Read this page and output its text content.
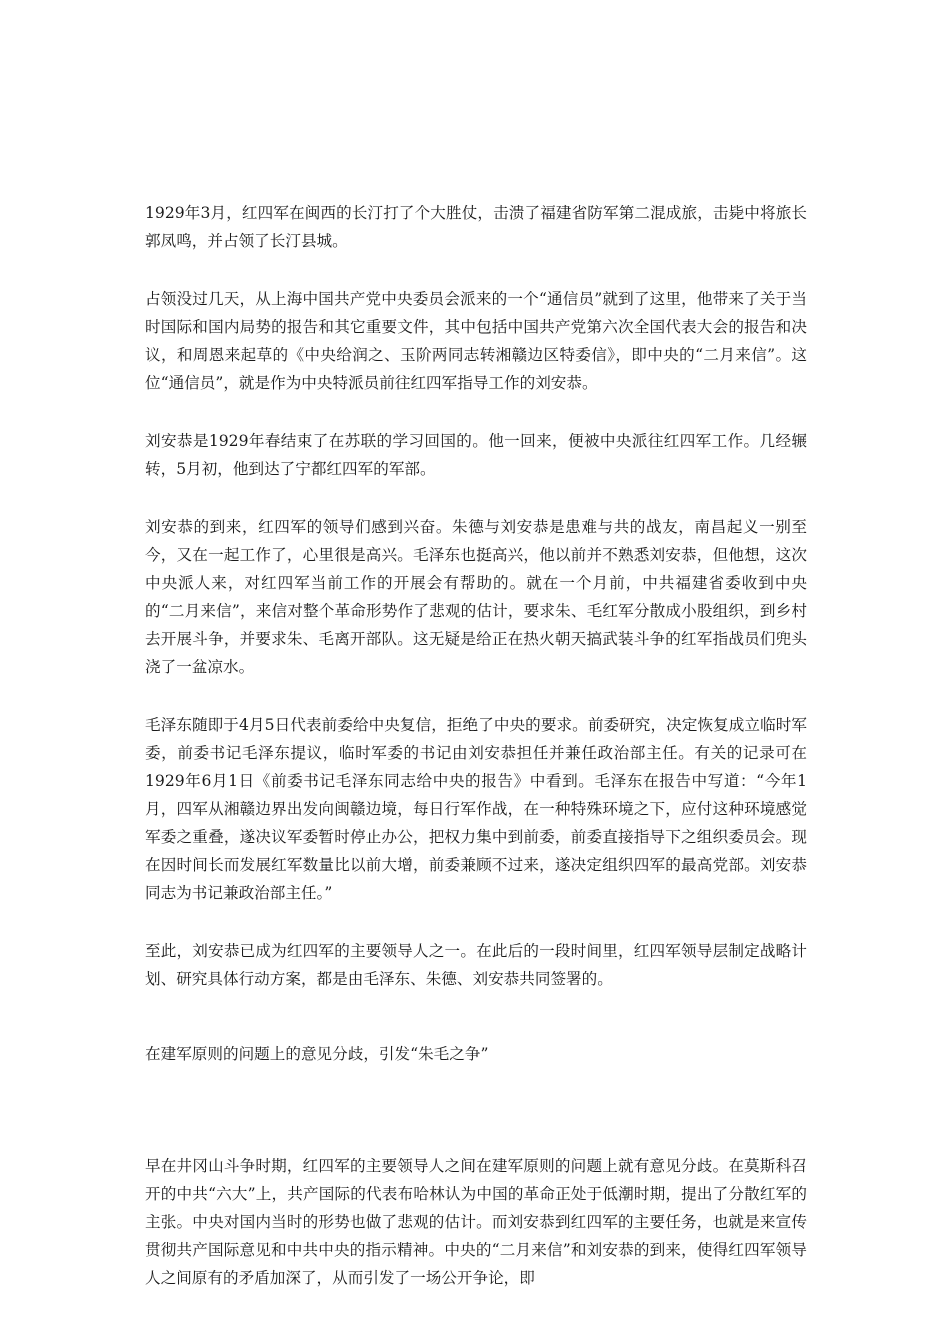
1929年3月，红四军在闽西的长汀打了个大胜仗，击溃了福建省防军第二混成旅，击毙中将旅长郭凤鸣，并占领了长汀县城。

占领没过几天，从上海中国共产党中央委员会派来的一个“通信员”就到了这里，他带来了关于当时国际和国内局势的报告和其它重要文件，其中包括中国共产党第六次全国代表大会的报告和决议，和周恩来起草的《中央给润之、玉阶两同志转湘赣边区特委信》，即中央的“二月来信”。这位“通信员”，就是作为中央特派员前往红四军指导工作的刘安恭。

刘安恭是1929年春结束了在苏联的学习回国的。他一回来，便被中央派往红四军工作。几经辗转，5月初，他到达了宁都红四军的军部。

刘安恭的到来，红四军的领导们感到兴奋。朱德与刘安恭是患难与共的战友，南昌起义一别至今，又在一起工作了，心里很是高兴。毛泽东也挺高兴，他以前并不熟悉刘安恭，但他想，这次中央派人来，对红四军当前工作的开展会有帮助的。就在一个月前，中共福建省委收到中央的“二月来信”，来信对整个革命形势作了悲观的估计，要求朱、毛红军分散成小股组织，到乡村去开展斗争，并要求朱、毛离开部队。这无疑是给正在热火朝天搞武装斗争的红军指战员们兜头浇了一盆凉水。

毛泽东随即于4月5日代表前委给中央复信，拒绝了中央的要求。前委研究，决定恢复成立临时军委，前委书记毛泽东提议，临时军委的书记由刘安恭担任并兼任政治部主任。有关的记录可在1929年6月1日《前委书记毛泽东同志给中央的报告》中看到。毛泽东在报告中写道：“今年1月，四军从湘赣边界出发向闽赣边境，每日行军作战，在一种特殊环境之下，应付这种环境感觉军委之重叠，遂决议军委暂时停止办公，把权力集中到前委，前委直接指导下之组织委员会。现在因时间长而发展红军数量比以前大增，前委兼顾不过来，遂决定组织四军的最高党部。刘安恭同志为书记兼政治部主任。”

至此，刘安恭已成为红四军的主要领导人之一。在此后的一段时间里，红四军领导层制定战略计划、研究具体行动方案，都是由毛泽东、朱德、刘安恭共同签署的。

在建军原则的问题上的意见分歧，引发“朱毛之争”

早在井冈山斗争时期，红四军的主要领导人之间在建军原则的问题上就有意见分歧。在莫斯科召开的中共“六大”上，共产国际的代表布哈林认为中国的革命正处于低潮时期，提出了分散红军的主张。中央对国内当时的形势也做了悲观的估计。而刘安恭到红四军的主要任务，也就是来宣传贯彻共产国际意见和中共中央的指示精神。中央的“二月来信”和刘安恭的到来，使得红四军领导人之间原有的矛盾加深了，从而引发了一场公开争论，即
